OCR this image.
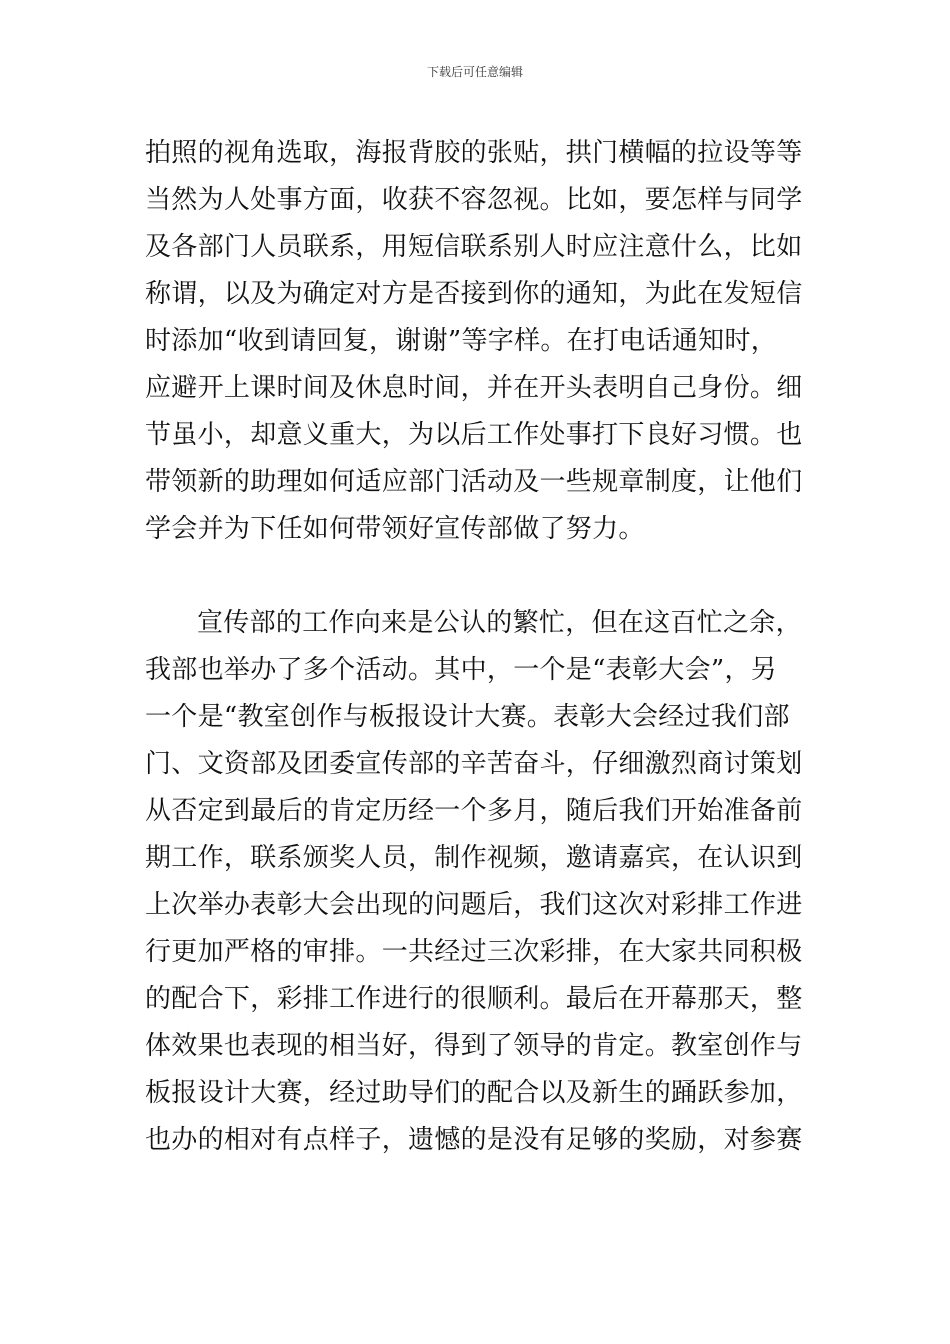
下载后可任意编辑
拍照的视角选取，海报背胶的张贴，拱门横幅的拉设等等
当然为人处事方面，收获不容忽视。比如，要怎样与同学
及各部门人员联系，用短信联系别人时应注意什么，比如
称谓，以及为确定对方是否接到你的通知，为此在发短信
时添加“收到请回复，谢谢”等字样。在打电话通知时，
应避开上课时间及休息时间，并在开头表明自己身份。细
节虽小，却意义重大，为以后工作处事打下良好习惯。也
带领新的助理如何适应部门活动及一些规章制度，让他们
学会并为下任如何带领好宣传部做了努力。
宣传部的工作向来是公认的繁忙，但在这百忙之余，
我部也举办了多个活动。其中，一个是“表彰大会”，另
一个是“教室创作与板报设计大赛。表彰大会经过我们部
门、文资部及团委宣传部的辛苦奋斗，仔细激烈商讨策划
从否定到最后的肯定历经一个多月，随后我们开始准备前
期工作，联系颁奖人员，制作视频，邀请嘉宾，在认识到
上次举办表彰大会出现的问题后，我们这次对彩排工作进
行更加严格的审排。一共经过三次彩排，在大家共同积极
的配合下，彩排工作进行的很顺利。最后在开幕那天，整
体效果也表现的相当好，得到了领导的肯定。教室创作与
板报设计大赛，经过助导们的配合以及新生的踊跃参加，
也办的相对有点样子，遗憾的是没有足够的奖励，对参赛
